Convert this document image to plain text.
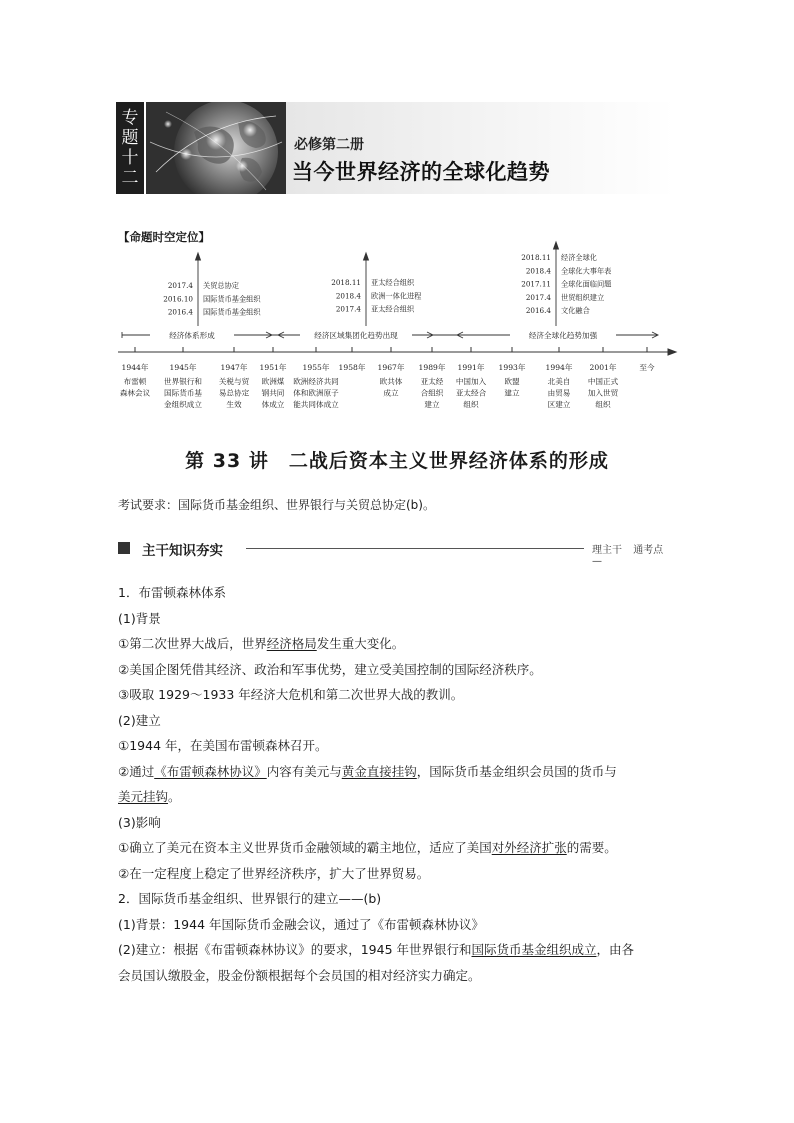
专
题
十
二
必修第二册
当今世界经济的全球化趋势
【命题时空定位】
经济体系形成	经济区域集团化趋势出现	经济全球化趋势加强
1944年
布雷顿
森林会议
1945年
世界银行和
国际货币基
金组织成立
1947年
关税与贸
易总协定
生效
1951年
欧洲煤
钢共同
体成立
1955年
欧洲经济共同
体和欧洲原子
能共同体成立
1958年 1967年
欧共体
成立
1989年
亚太经
合组织
建立
1991年
中国加入
亚太经合
组织
1993年
欧盟
建立
1994年
北美自
由贸易
区建立
2001年
中国正式
加入世贸
组织
至今
2017.4 关贸总协定
2016.10 国际货币基金组织
2016.4 国际货币基金组织
2018.11 亚太经合组织
2018.4 欧洲一体化进程
2017.4 亚太经合组织
2018.11 经济全球化
2018.4 全球化大事年表
2017.11 全球化面临问题
2017.4 世贸组织建立
2016.4 文化融合
第 33 讲　二战后资本主义世界经济体系的形成
考试要求：国际货币基金组织、世界银行与关贸总协定(b)。
主干知识夯实	理主干 通考点 —
1．布雷顿森林体系
(1)背景
①第二次世界大战后，世界经济格局发生重大变化。
②美国企图凭借其经济、政治和军事优势，建立受美国控制的国际经济秩序。
③吸取 1929～1933 年经济大危机和第二次世界大战的教训。
(2)建立
①1944 年，在美国布雷顿森林召开。
②通过《布雷顿森林协议》内容有美元与黄金直接挂钩，国际货币基金组织会员国的货币与
美元挂钩。
(3)影响
①确立了美元在资本主义世界货币金融领域的霸主地位，适应了美国对外经济扩张的需要。
②在一定程度上稳定了世界经济秩序，扩大了世界贸易。
2．国际货币基金组织、世界银行的建立——(b)
(1)背景：1944 年国际货币金融会议，通过了《布雷顿森林协议》
(2)建立：根据《布雷顿森林协议》的要求，1945 年世界银行和国际货币基金组织成立，由各
会员国认缴股金，股金份额根据每个会员国的相对经济实力确定。
